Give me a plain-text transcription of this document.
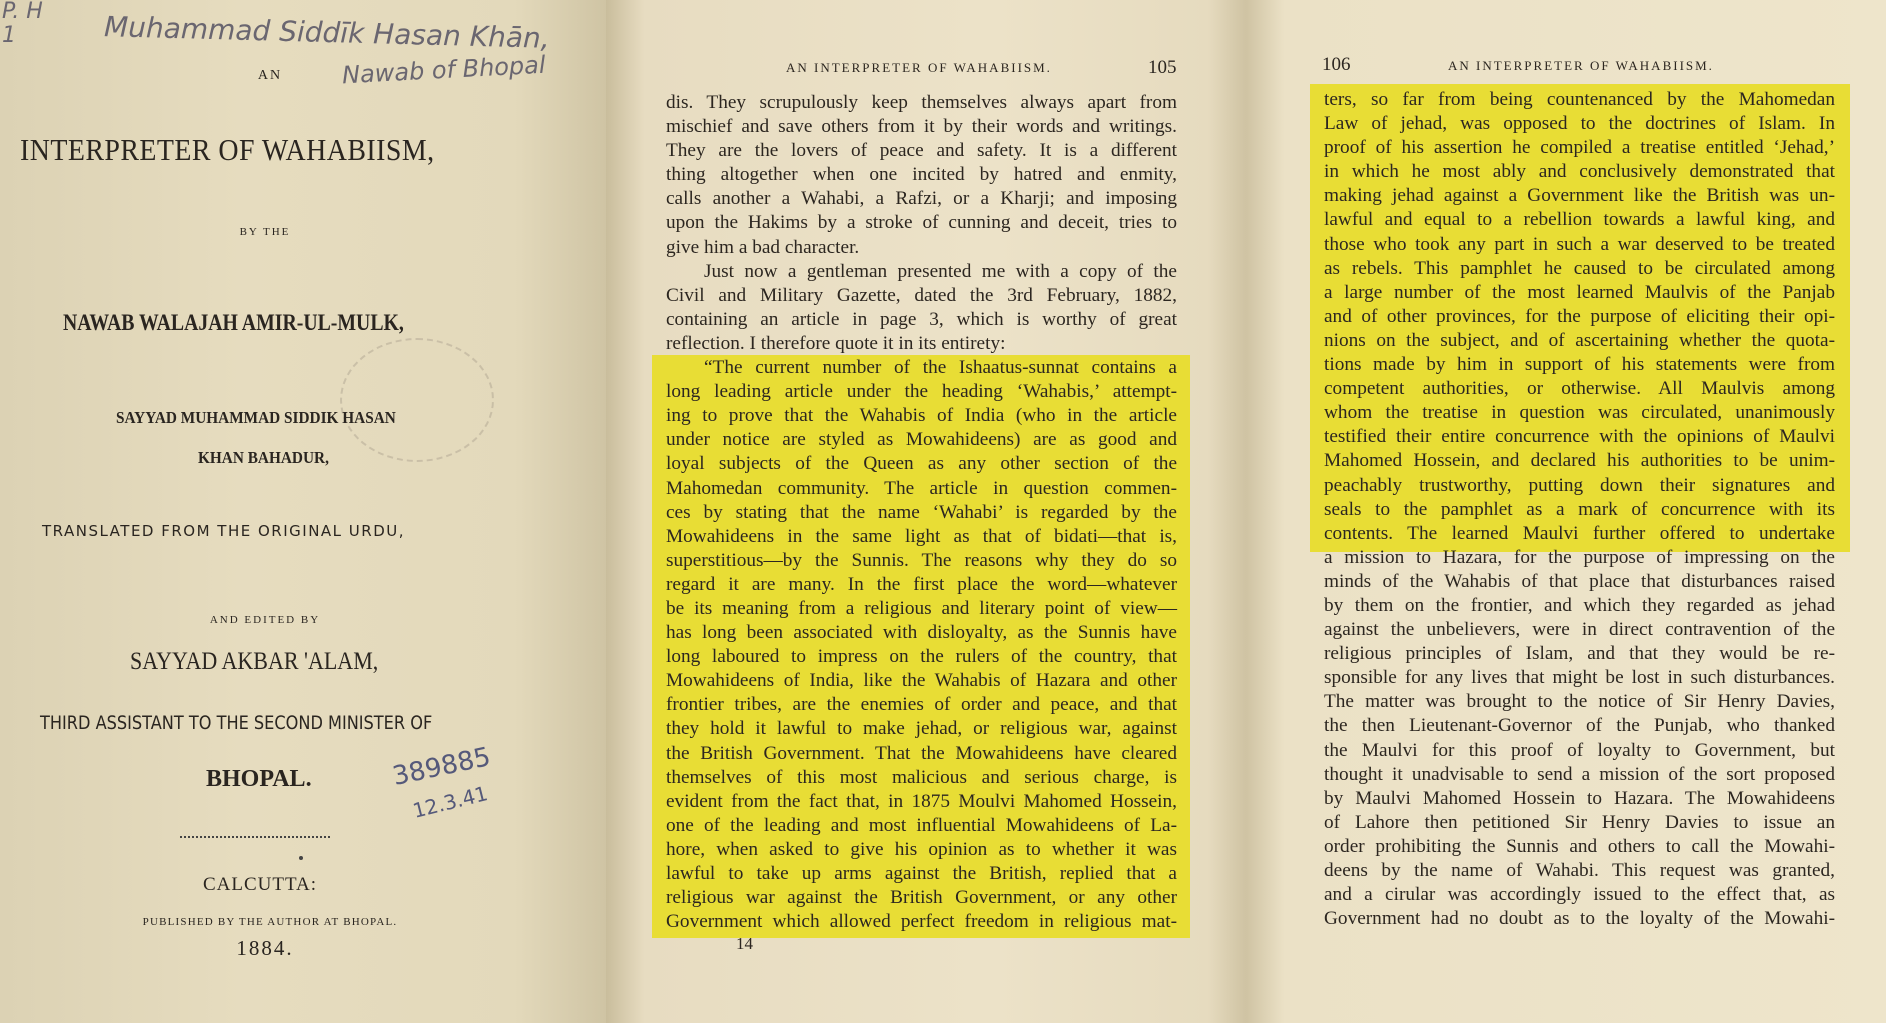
P. H
1	Muhammad Siddīk Hasan Khān,
Nawab of Bhopal
AN
INTERPRETER OF WAHABIISM,
BY THE
NAWAB WALAJAH AMIR-UL-MULK,
SAYYAD MUHAMMAD SIDDIK HASAN
KHAN BAHADUR,
TRANSLATED FROM THE ORIGINAL URDU,
AND EDITED BY
SAYYAD AKBAR 'ALAM,
THIRD ASSISTANT TO THE SECOND MINISTER OF
BHOPAL.	389885
12.3.41
CALCUTTA:
PUBLISHED BY THE AUTHOR AT BHOPAL.
1884.
AN INTERPRETER OF WAHABIISM.	105
dis. They scrupulously keep themselves always apart from
mischief and save others from it by their words and writings.
They are the lovers of peace and safety. It is a different
thing altogether when one incited by hatred and enmity,
calls another a Wahabi, a Rafzi, or a Kharji; and imposing
upon the Hakims by a stroke of cunning and deceit, tries to
give him a bad character.
Just now a gentleman presented me with a copy of the
Civil and Military Gazette, dated the 3rd February, 1882,
containing an article in page 3, which is worthy of great
reflection. I therefore quote it in its entirety:
“The current number of the Ishaatus-sunnat contains a
long leading article under the heading ‘Wahabis,’ attempt-
ing to prove that the Wahabis of India (who in the article
under notice are styled as Mowahideens) are as good and
loyal subjects of the Queen as any other section of the
Mahomedan community. The article in question commen-
ces by stating that the name ‘Wahabi’ is regarded by the
Mowahideens in the same light as that of bidati—that is,
superstitious—by the Sunnis. The reasons why they do so
regard it are many. In the first place the word—whatever
be its meaning from a religious and literary point of view—
has long been associated with disloyalty, as the Sunnis have
long laboured to impress on the rulers of the country, that
Mowahideens of India, like the Wahabis of Hazara and other
frontier tribes, are the enemies of order and peace, and that
they hold it lawful to make jehad, or religious war, against
the British Government. That the Mowahideens have cleared
themselves of this most malicious and serious charge, is
evident from the fact that, in 1875 Moulvi Mahomed Hossein,
one of the leading and most influential Mowahideens of La-
hore, when asked to give his opinion as to whether it was
lawful to take up arms against the British, replied that a
religious war against the British Government, or any other
Government which allowed perfect freedom in religious mat-
14
106	AN INTERPRETER OF WAHABIISM.
ters, so far from being countenanced by the Mahomedan
Law of jehad, was opposed to the doctrines of Islam. In
proof of his assertion he compiled a treatise entitled ‘Jehad,’
in which he most ably and conclusively demonstrated that
making jehad against a Government like the British was un-
lawful and equal to a rebellion towards a lawful king, and
those who took any part in such a war deserved to be treated
as rebels. This pamphlet he caused to be circulated among
a large number of the most learned Maulvis of the Panjab
and of other provinces, for the purpose of eliciting their opi-
nions on the subject, and of ascertaining whether the quota-
tions made by him in support of his statements were from
competent authorities, or otherwise. All Maulvis among
whom the treatise in question was circulated, unanimously
testified their entire concurrence with the opinions of Maulvi
Mahomed Hossein, and declared his authorities to be unim-
peachably trustworthy, putting down their signatures and
seals to the pamphlet as a mark of concurrence with its
contents. The learned Maulvi further offered to undertake
a mission to Hazara, for the purpose of impressing on the
minds of the Wahabis of that place that disturbances raised
by them on the frontier, and which they regarded as jehad
against the unbelievers, were in direct contravention of the
religious principles of Islam, and that they would be re-
sponsible for any lives that might be lost in such disturbances.
The matter was brought to the notice of Sir Henry Davies,
the then Lieutenant-Governor of the Punjab, who thanked
the Maulvi for this proof of loyalty to Government, but
thought it unadvisable to send a mission of the sort proposed
by Maulvi Mahomed Hossein to Hazara. The Mowahideens
of Lahore then petitioned Sir Henry Davies to issue an
order prohibiting the Sunnis and others to call the Mowahi-
deens by the name of Wahabi. This request was granted,
and a cirular was accordingly issued to the effect that, as
Government had no doubt as to the loyalty of the Mowahi-
